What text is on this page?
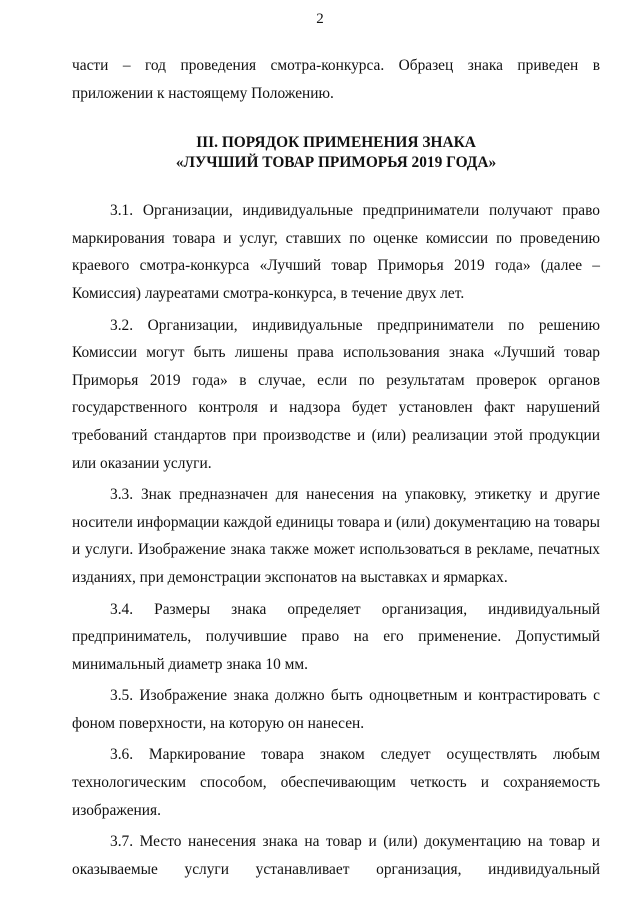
2

части – год проведения смотра-конкурса. Образец знака приведен в приложении к настоящему Положению.

III. ПОРЯДОК ПРИМЕНЕНИЯ ЗНАКА
«ЛУЧШИЙ ТОВАР ПРИМОРЬЯ 2019 ГОДА»

3.1. Организации, индивидуальные предприниматели получают право маркирования товара и услуг, ставших по оценке комиссии по проведению краевого смотра-конкурса «Лучший товар Приморья 2019 года» (далее – Комиссия) лауреатами смотра-конкурса, в течение двух лет.

3.2. Организации, индивидуальные предприниматели по решению Комиссии могут быть лишены права использования знака «Лучший товар Приморья 2019 года» в случае, если по результатам проверок органов государственного контроля и надзора будет установлен факт нарушений требований стандартов при производстве и (или) реализации этой продукции или оказании услуги.

3.3. Знак предназначен для нанесения на упаковку, этикетку и другие носители информации каждой единицы товара и (или) документацию на товары и услуги. Изображение знака также может использоваться в рекламе, печатных изданиях, при демонстрации экспонатов на выставках и ярмарках.

3.4. Размеры знака определяет организация, индивидуальный предприниматель, получившие право на его применение. Допустимый минимальный диаметр знака 10 мм.

3.5. Изображение знака должно быть одноцветным и контрастировать с фоном поверхности, на которую он нанесен.

3.6. Маркирование товара знаком следует осуществлять любым технологическим способом, обеспечивающим четкость и сохраняемость изображения.

3.7. Место нанесения знака на товар и (или) документацию на товар и оказываемые услуги устанавливает организация, индивидуальный
